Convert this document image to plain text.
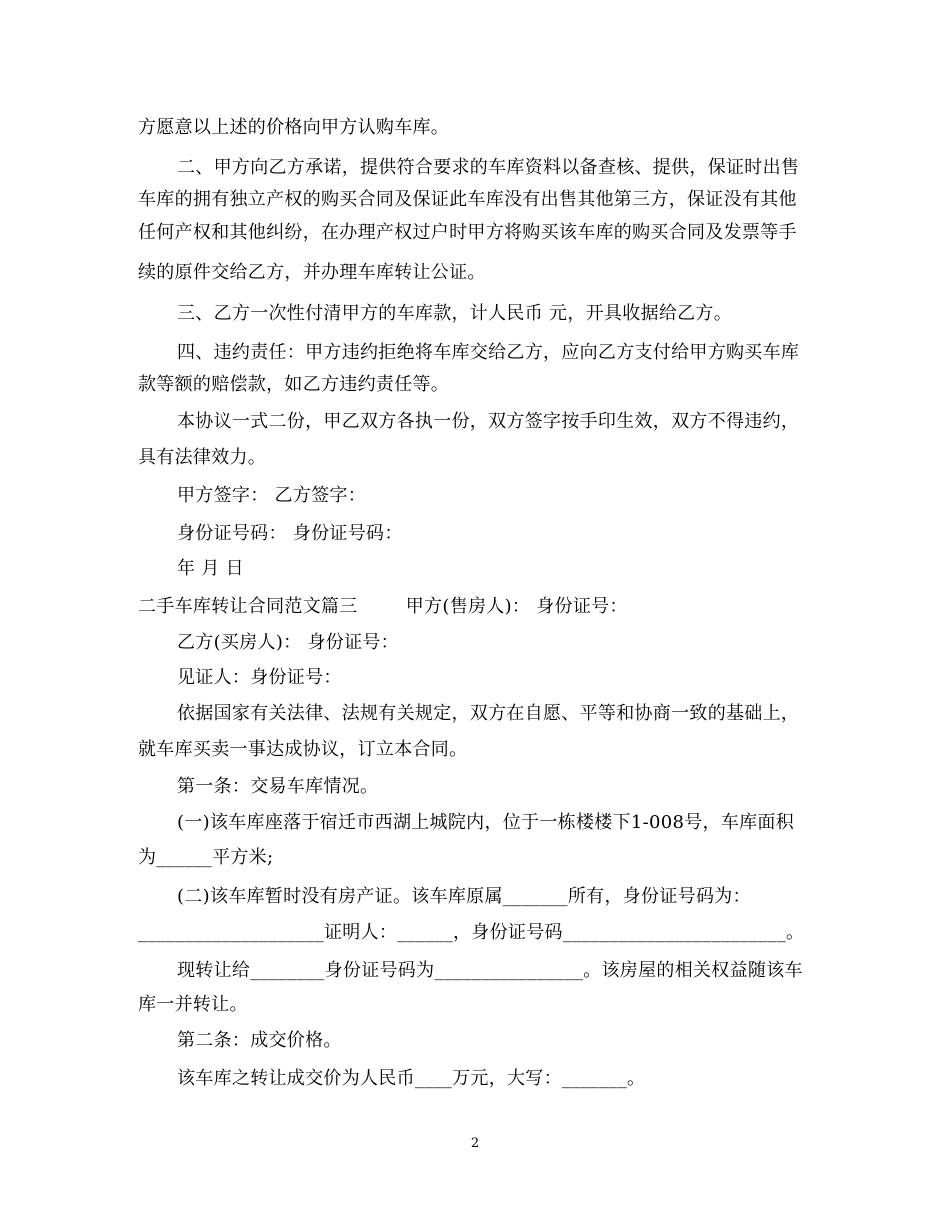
方愿意以上述的价格向甲方认购车库。
二、甲方向乙方承诺，提供符合要求的车库资料以备查核、提供，保证时出售
车库的拥有独立产权的购买合同及保证此车库没有出售其他第三方，保证没有其他
任何产权和其他纠纷，在办理产权过户时甲方将购买该车库的购买合同及发票等手
续的原件交给乙方，并办理车库转让公证。
三、乙方一次性付清甲方的车库款，计人民币 元，开具收据给乙方。
四、违约责任：甲方违约拒绝将车库交给乙方，应向乙方支付给甲方购买车库
款等额的赔偿款，如乙方违约责任等。
本协议一式二份，甲乙双方各执一份，双方签字按手印生效，双方不得违约，
具有法律效力。
甲方签字： 乙方签字：
身份证号码： 身份证号码：
年 月 日
二手车库转让合同范文篇三        甲方(售房人)： 身份证号：
乙方(买房人)： 身份证号：
见证人：身份证号：
依据国家有关法律、法规有关规定，双方在自愿、平等和协商一致的基础上，
就车库买卖一事达成协议，订立本合同。
第一条：交易车库情况。
(一)该车库座落于宿迁市西湖上城院内，位于一栋楼楼下1-008号，车库面积
为______平方米;
(二)该车库暂时没有房产证。该车库原属_______所有，身份证号码为：
____________________证明人：______，身份证号码________________________。
现转让给________身份证号码为________________。该房屋的相关权益随该车
库一并转让。
第二条：成交价格。
该车库之转让成交价为人民币____万元，大写：_______。
2
